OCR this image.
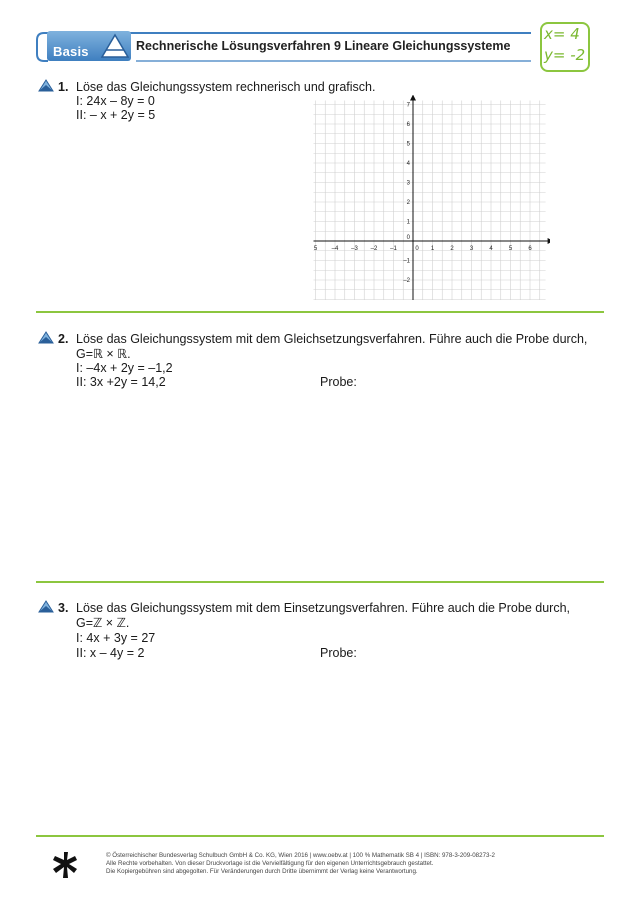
Basis	Rechnerische Lösungsverfahren 9 Lineare Gleichungssysteme
x= 4
y= -2
1. Löse das Gleichungssystem rechnerisch und grafisch.
I: 24x – 8y = 0
II: – x + 2y = 5
5 –4 –3 –2 –1	0 1	2	3	4	5	6
7
6
5
4
3
2
1
0
–1
–2
2. Löse das Gleichungssystem mit dem Gleichsetzungsverfahren. Führe auch die Probe durch,
G=ℝ × ℝ.
I: –4x + 2y = –1,2
II: 3x +2y = 14,2	Probe:
3. Löse das Gleichungssystem mit dem Einsetzungsverfahren. Führe auch die Probe durch,
G=ℤ × ℤ.
I: 4x + 3y = 27
II: x – 4y = 2	Probe:
© Österreichischer Bundesverlag Schulbuch GmbH & Co. KG, Wien 2016 | www.oebv.at | 100 % Mathematik SB 4 | ISBN: 978-3-209-08273-2
Alle Rechte vorbehalten. Von dieser Druckvorlage ist die Vervielfältigung für den eigenen Unterrichtsgebrauch gestattet.
Die Kopiergebühren sind abgegolten. Für Veränderungen durch Dritte übernimmt der Verlag keine Verantwortung.
